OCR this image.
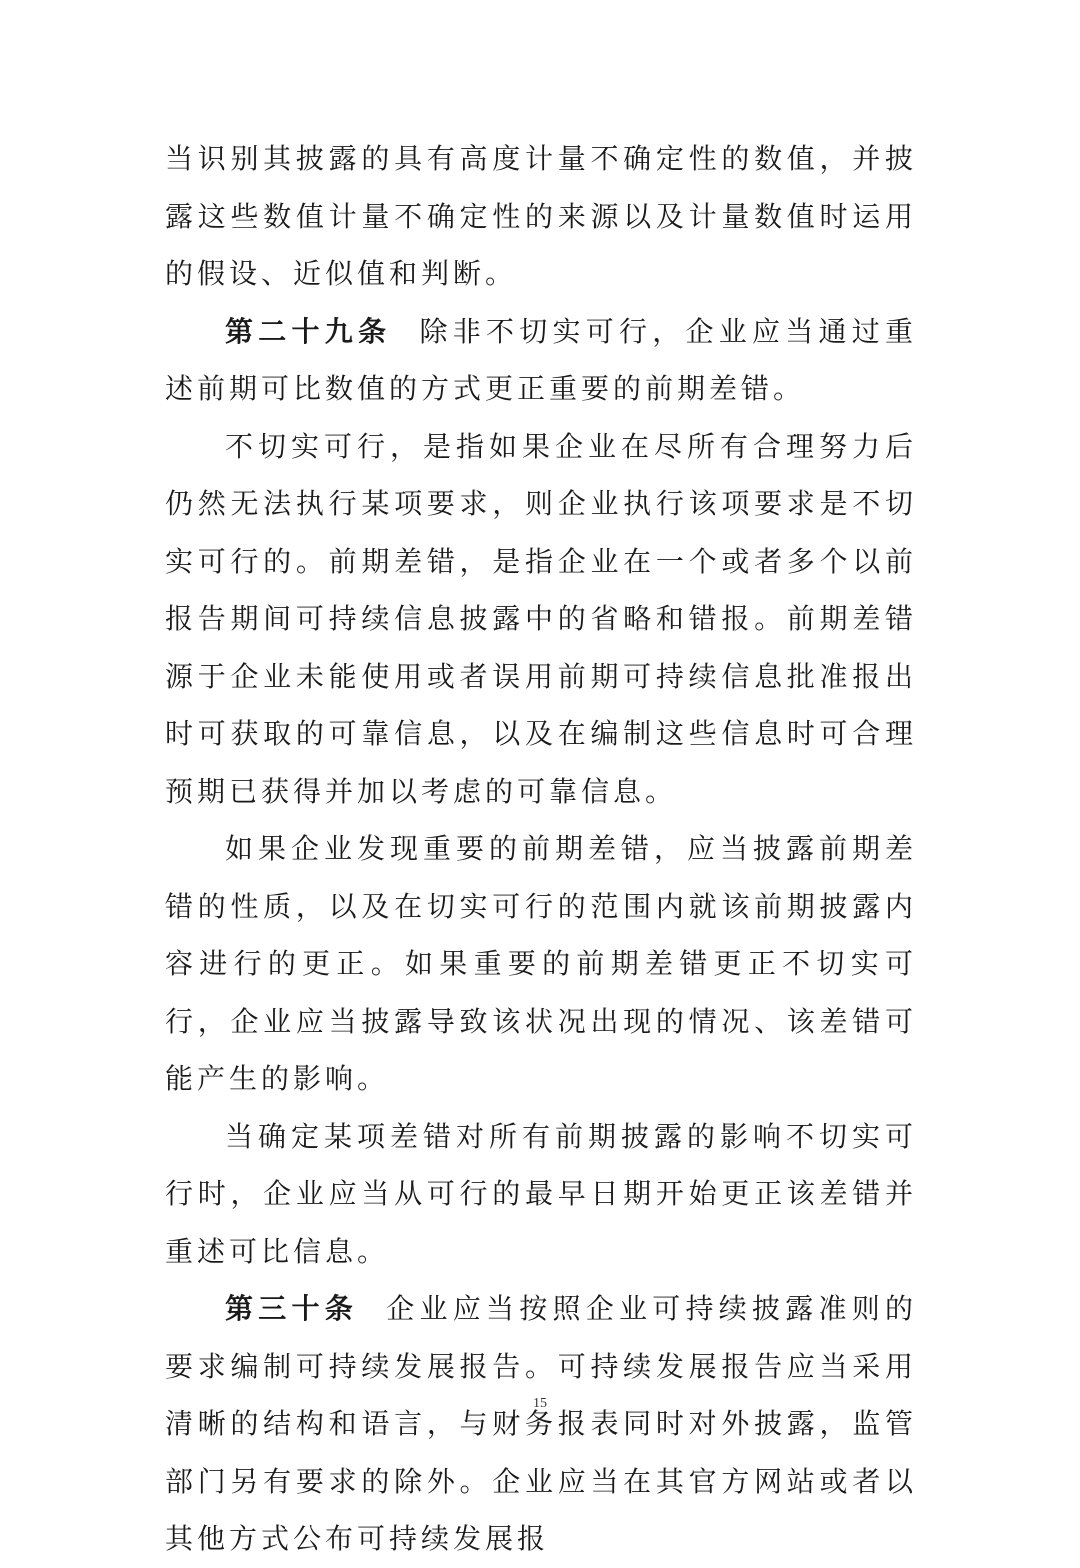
当识别其披露的具有高度计量不确定性的数值，并披露这些数值计量不确定性的来源以及计量数值时运用的假设、近似值和判断。

第二十九条 除非不切实可行，企业应当通过重述前期可比数值的方式更正重要的前期差错。

不切实可行，是指如果企业在尽所有合理努力后仍然无法执行某项要求，则企业执行该项要求是不切实可行的。前期差错，是指企业在一个或者多个以前报告期间可持续信息披露中的省略和错报。前期差错源于企业未能使用或者误用前期可持续信息批准报出时可获取的可靠信息，以及在编制这些信息时可合理预期已获得并加以考虑的可靠信息。

如果企业发现重要的前期差错，应当披露前期差错的性质，以及在切实可行的范围内就该前期披露内容进行的更正。如果重要的前期差错更正不切实可行，企业应当披露导致该状况出现的情况、该差错可能产生的影响。

当确定某项差错对所有前期披露的影响不切实可行时，企业应当从可行的最早日期开始更正该差错并重述可比信息。

第三十条 企业应当按照企业可持续披露准则的要求编制可持续发展报告。可持续发展报告应当采用清晰的结构和语言，与财务报表同时对外披露，监管部门另有要求的除外。企业应当在其官方网站或者以其他方式公布可持续发展报

15
